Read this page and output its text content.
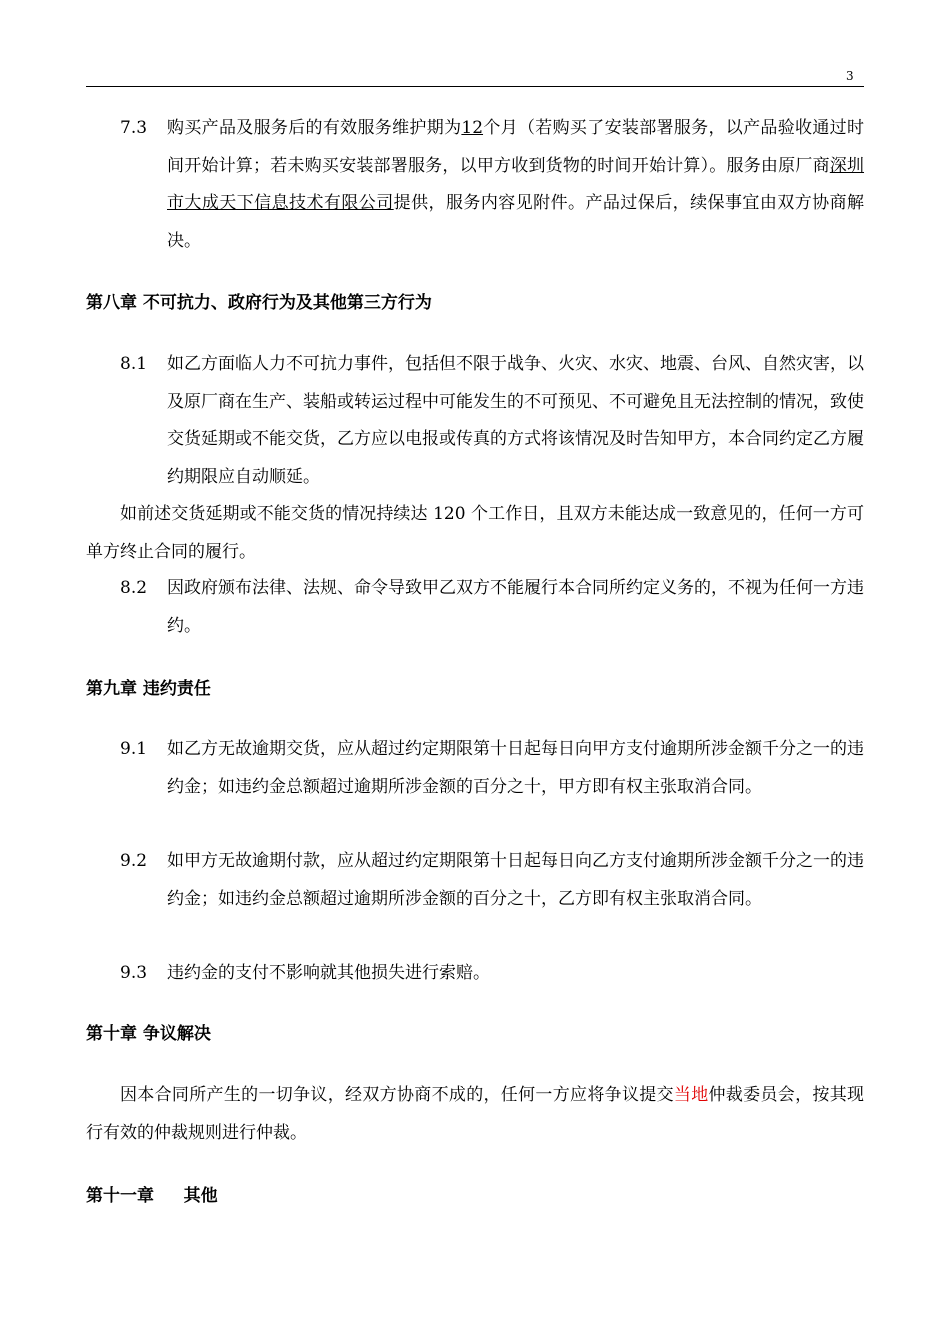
3
7.3	购买产品及服务后的有效服务维护期为12个月（若购买了安装部署服务，以产品验收通过时间开始计算；若未购买安装部署服务，以甲方收到货物的时间开始计算）。服务由原厂商深圳市大成天下信息技术有限公司提供，服务内容见附件。产品过保后，续保事宜由双方协商解决。
第八章 不可抗力、政府行为及其他第三方行为
8.1	如乙方面临人力不可抗力事件，包括但不限于战争、火灾、水灾、地震、台风、自然灾害，以及原厂商在生产、装船或转运过程中可能发生的不可预见、不可避免且无法控制的情况，致使交货延期或不能交货，乙方应以电报或传真的方式将该情况及时告知甲方，本合同约定乙方履约期限应自动顺延。
如前述交货延期或不能交货的情况持续达 120 个工作日，且双方未能达成一致意见的，任何一方可单方终止合同的履行。
8.2	因政府颁布法律、法规、命令导致甲乙双方不能履行本合同所约定义务的，不视为任何一方违约。
第九章 违约责任
9.1	如乙方无故逾期交货，应从超过约定期限第十日起每日向甲方支付逾期所涉金额千分之一的违约金；如违约金总额超过逾期所涉金额的百分之十，甲方即有权主张取消合同。
9.2	如甲方无故逾期付款，应从超过约定期限第十日起每日向乙方支付逾期所涉金额千分之一的违约金；如违约金总额超过逾期所涉金额的百分之十，乙方即有权主张取消合同。
9.3	违约金的支付不影响就其他损失进行索赔。
第十章 争议解决
因本合同所产生的一切争议，经双方协商不成的，任何一方应将争议提交当地仲裁委员会，按其现行有效的仲裁规则进行仲裁。
第十一章     其他
